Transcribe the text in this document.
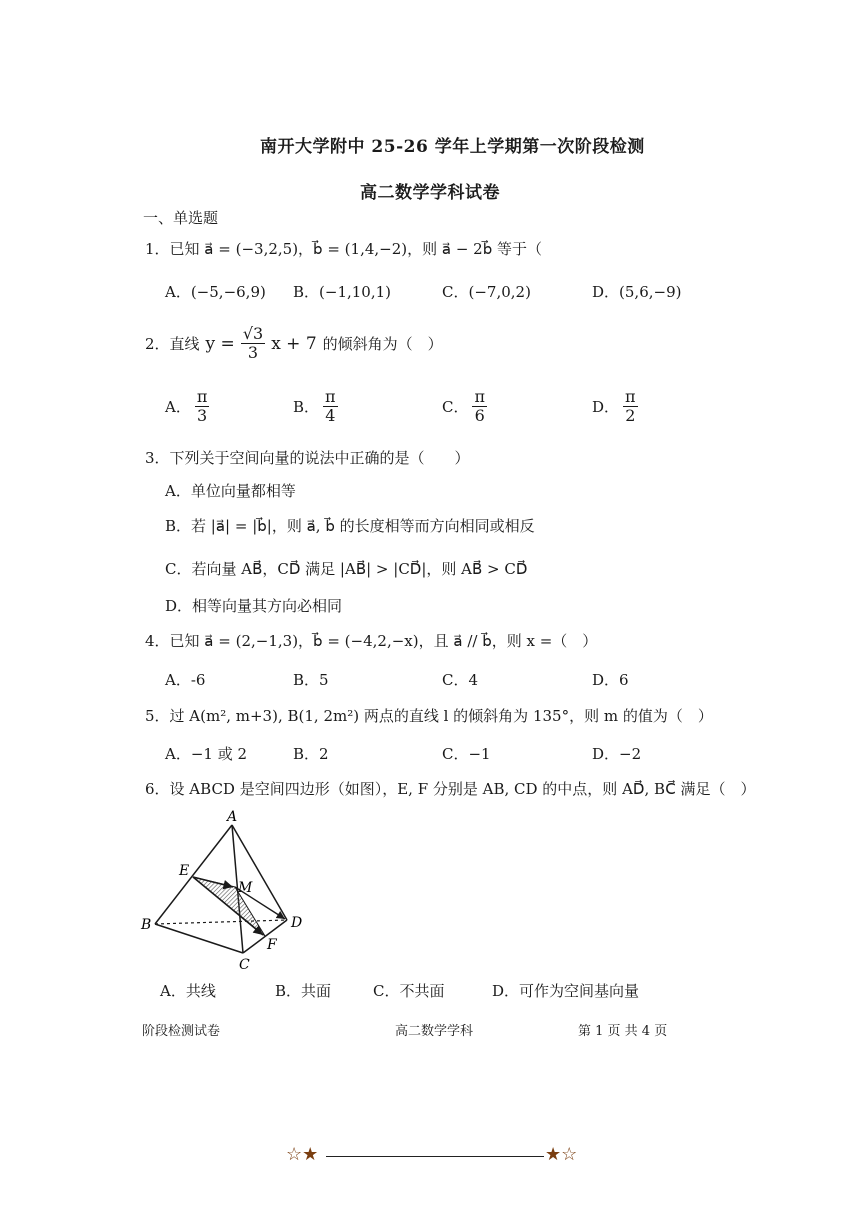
南开大学附中 25-26 学年上学期第一次阶段检测
高二数学学科试卷
一、单选题
1．已知 a⃗ = (−3,2,5)，b⃗ = (1,4,−2)，则 a⃗ − 2b⃗ 等于（
A．(−5,−6,9) B．(−1,10,1)	C．(−7,0,2)	D．(5,6,−9)
2．直线 $y = \frac{√3}{3}$ x + 7 的倾斜角为（　）
A． $\frac{\pi}{3}$	B． $\frac{\pi}{4}$	C． $\frac{\pi}{6}$	D． $\frac{\pi}{2}$
3．下列关于空间向量的说法中正确的是（　　）
A．单位向量都相等
B．若 |a⃗| = |b⃗|，则 a⃗, b⃗ 的长度相等而方向相同或相反
C．若向量 AB⃗，CD⃗ 满足 |AB⃗| > |CD⃗|，则 AB⃗ > CD⃗
D．相等向量其方向必相同
4．已知 a⃗ = (2,−1,3)，b⃗ = (−4,2,−x)，且 a⃗ // b⃗，则 x =（　）
A．-6	B．5	C．4	D．6
5．过 A(m², m+3), B(1, 2m²) 两点的直线 l 的倾斜角为 135°，则 m 的值为（　）
A．−1 或 2	B．2	C．−1	D．−2
6．设 ABCD 是空间四边形（如图），E, F 分别是 AB, CD 的中点，则 AD⃗, BC⃗ 满足（　）
A
E
M
B	D
F
C
A．共线	B．共面	C．不共面	D．可作为空间基向量
阶段检测试卷	高二数学学科	第 1 页 共 4 页
☆★	★☆
